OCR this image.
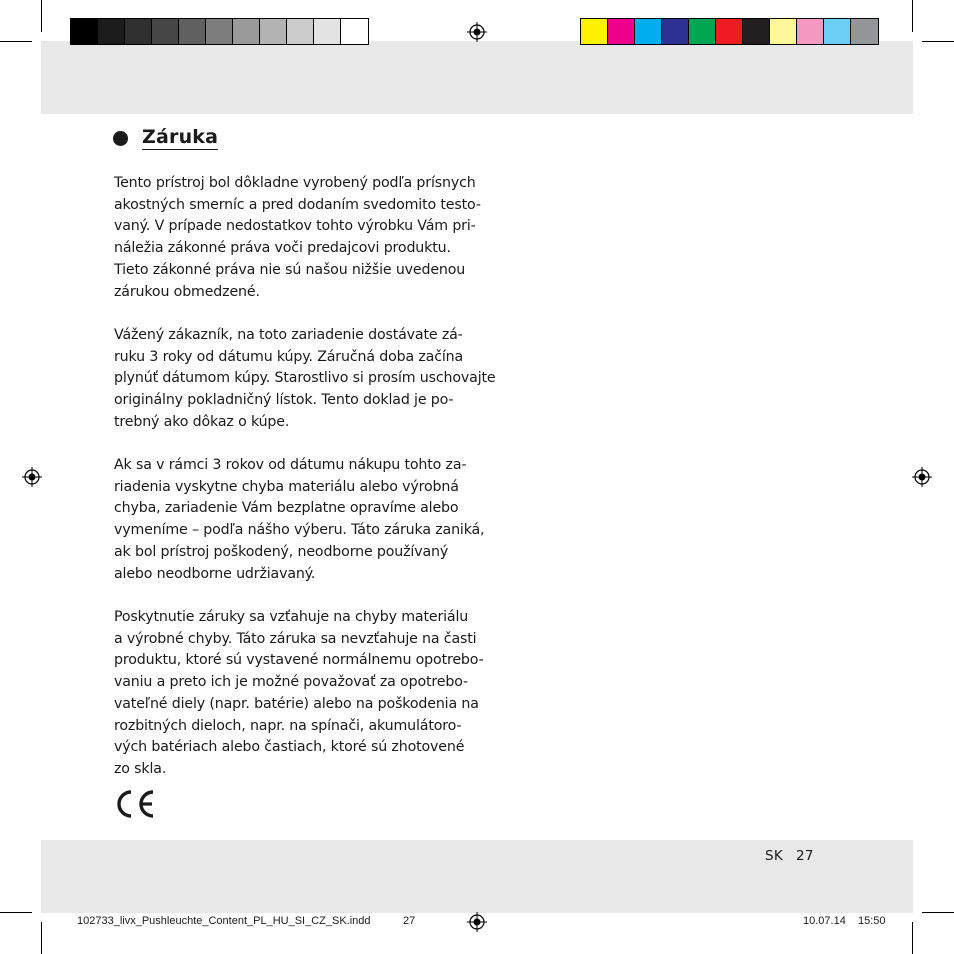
Záruka
Tento prístroj bol dôkladne vyrobený podľa prísnych
akostných smerníc a pred dodaním svedomito testo-
vaný. V prípade nedostatkov tohto výrobku Vám pri-
náležia zákonné práva voči predajcovi produktu.
Tieto zákonné práva nie sú našou nižšie uvedenou
zárukou obmedzené.
Vážený zákazník, na toto zariadenie dostávate zá-
ruku 3 roky od dátumu kúpy. Záručná doba začína
plynúť dátumom kúpy. Starostlivo si prosím uschovajte
originálny pokladničný lístok. Tento doklad je po-
trebný ako dôkaz o kúpe.
Ak sa v rámci 3 rokov od dátumu nákupu tohto za-
riadenia vyskytne chyba materiálu alebo výrobná
chyba, zariadenie Vám bezplatne opravíme alebo
vymeníme – podľa nášho výberu. Táto záruka zaniká,
ak bol prístroj poškodený, neodborne používaný
alebo neodborne udržiavaný.
Poskytnutie záruky sa vzťahuje na chyby materiálu
a výrobné chyby. Táto záruka sa nevzťahuje na časti
produktu, ktoré sú vystavené normálnemu opotrebo-
vaniu a preto ich je možné považovať za opotrebo-
vateľné diely (napr. batérie) alebo na poškodenia na
rozbitných dieloch, napr. na spínači, akumulátoro-
vých batériach alebo častiach, ktoré sú zhotovené
zo skla.
SK 27
102733_livx_Pushleuchte_Content_PL_HU_SI_CZ_SK.indd	27	10.07.14 15:50
